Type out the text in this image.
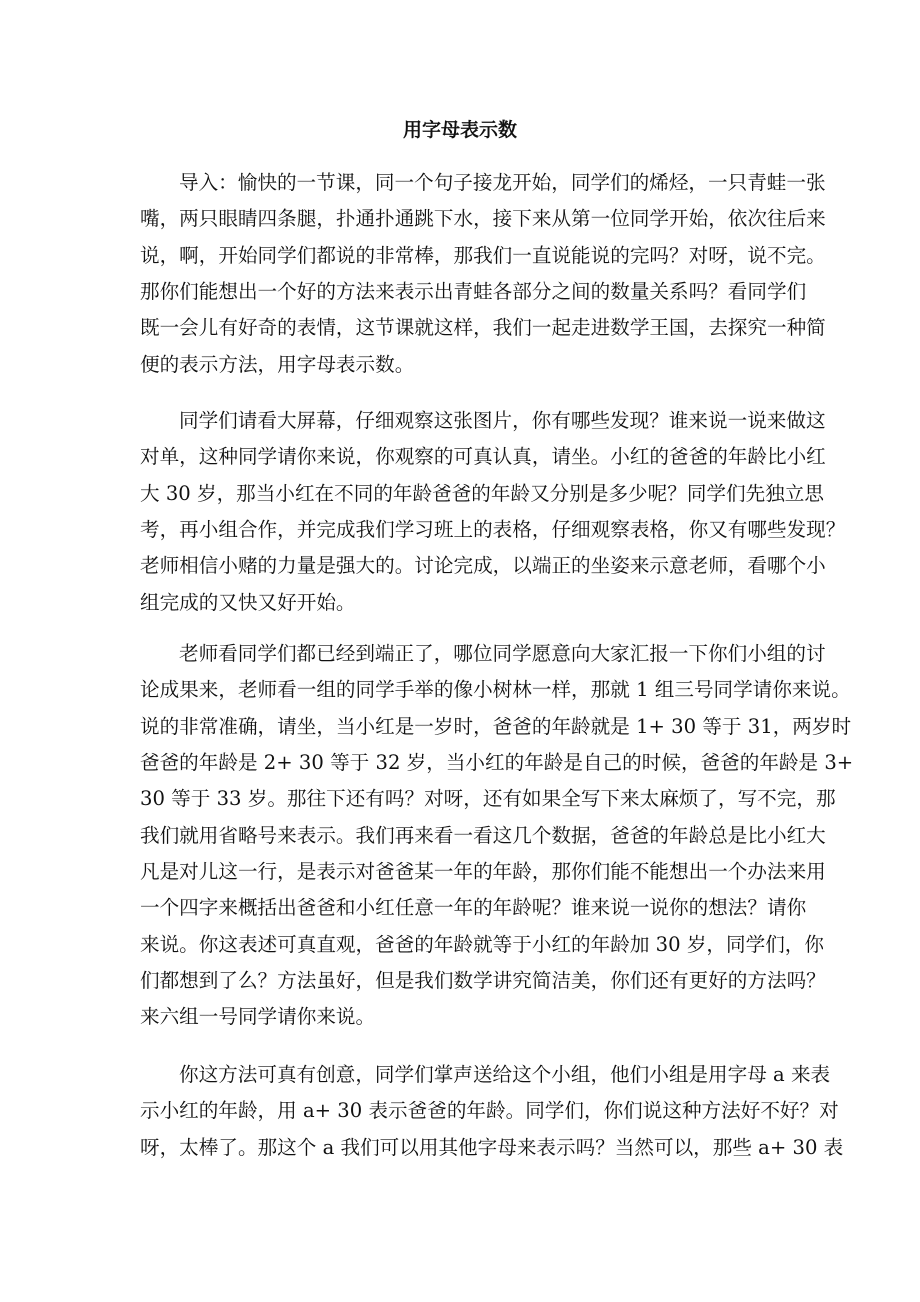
用字母表示数
导入：愉快的一节课，同一个句子接龙开始，同学们的烯烃，一只青蛙一张
嘴，两只眼睛四条腿，扑通扑通跳下水，接下来从第一位同学开始，依次往后来
说，啊，开始同学们都说的非常棒，那我们一直说能说的完吗？对呀，说不完。
那你们能想出一个好的方法来表示出青蛙各部分之间的数量关系吗？看同学们
既一会儿有好奇的表情，这节课就这样，我们一起走进数学王国，去探究一种简
便的表示方法，用字母表示数。
同学们请看大屏幕，仔细观察这张图片，你有哪些发现？谁来说一说来做这
对单，这种同学请你来说，你观察的可真认真，请坐。小红的爸爸的年龄比小红
大 30 岁，那当小红在不同的年龄爸爸的年龄又分别是多少呢？同学们先独立思
考，再小组合作，并完成我们学习班上的表格，仔细观察表格，你又有哪些发现？
老师相信小赌的力量是强大的。讨论完成，以端正的坐姿来示意老师，看哪个小
组完成的又快又好开始。
老师看同学们都已经到端正了，哪位同学愿意向大家汇报一下你们小组的讨
论成果来，老师看一组的同学手举的像小树林一样，那就 1 组三号同学请你来说。
说的非常准确，请坐，当小红是一岁时，爸爸的年龄就是 1+ 30 等于 31，两岁时
爸爸的年龄是 2+ 30 等于 32 岁，当小红的年龄是自己的时候，爸爸的年龄是 3+
30 等于 33 岁。那往下还有吗？对呀，还有如果全写下来太麻烦了，写不完，那
我们就用省略号来表示。我们再来看一看这几个数据，爸爸的年龄总是比小红大
凡是对儿这一行，是表示对爸爸某一年的年龄，那你们能不能想出一个办法来用
一个四字来概括出爸爸和小红任意一年的年龄呢？谁来说一说你的想法？请你
来说。你这表述可真直观，爸爸的年龄就等于小红的年龄加 30 岁，同学们，你
们都想到了么？方法虽好，但是我们数学讲究简洁美，你们还有更好的方法吗？
来六组一号同学请你来说。
你这方法可真有创意，同学们掌声送给这个小组，他们小组是用字母 a 来表
示小红的年龄，用 a+ 30 表示爸爸的年龄。同学们，你们说这种方法好不好？对
呀，太棒了。那这个 a 我们可以用其他字母来表示吗？当然可以，那些 a+ 30 表
